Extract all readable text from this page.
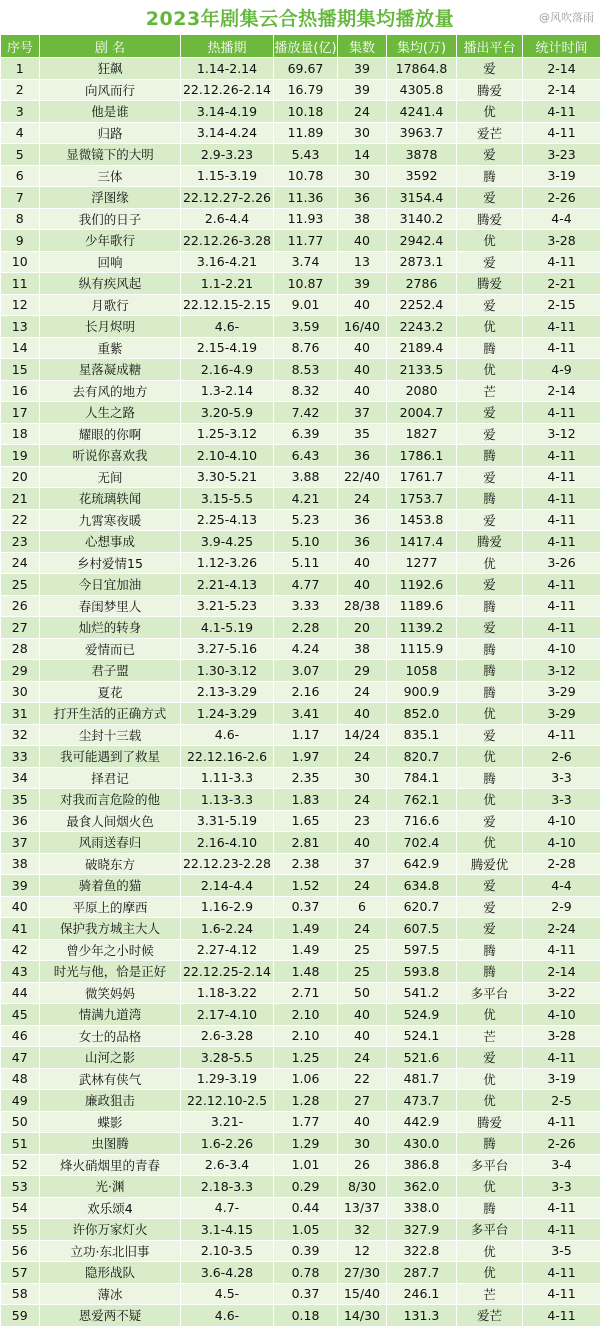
2023年剧集云合热播期集均播放量	@风吹落雨
序号	剧 名	热播期	播放量(亿)	集数	集均(万)	播出平台	统计时间
1	狂飙	1.14-2.14	69.67	39	17864.8	爱	2-14
2	向风而行	22.12.26-2.14	16.79	39	4305.8	腾爱	2-14
3	他是谁	3.14-4.19	10.18	24	4241.4	优	4-11
4	归路	3.14-4.24	11.89	30	3963.7	爱芒	4-11
5	显微镜下的大明	2.9-3.23	5.43	14	3878	爱	3-23
6	三体	1.15-3.19	10.78	30	3592	腾	3-19
7	浮图缘	22.12.27-2.26	11.36	36	3154.4	爱	2-26
8	我们的日子	2.6-4.4	11.93	38	3140.2	腾爱	4-4
9	少年歌行	22.12.26-3.28	11.77	40	2942.4	优	3-28
10	回响	3.16-4.21	3.74	13	2873.1	爱	4-11
11	纵有疾风起	1.1-2.21	10.87	39	2786	腾爱	2-21
12	月歌行	22.12.15-2.15	9.01	40	2252.4	爱	2-15
13	长月烬明	4.6-	3.59	16/40	2243.2	优	4-11
14	重紫	2.15-4.19	8.76	40	2189.4	腾	4-11
15	星落凝成糖	2.16-4.9	8.53	40	2133.5	优	4-9
16	去有风的地方	1.3-2.14	8.32	40	2080	芒	2-14
17	人生之路	3.20-5.9	7.42	37	2004.7	爱	4-11
18	耀眼的你啊	1.25-3.12	6.39	35	1827	爱	3-12
19	听说你喜欢我	2.10-4.10	6.43	36	1786.1	腾	4-11
20	无间	3.30-5.21	3.88	22/40	1761.7	爱	4-11
21	花琉璃轶闻	3.15-5.5	4.21	24	1753.7	腾	4-11
22	九霄寒夜暖	2.25-4.13	5.23	36	1453.8	爱	4-11
23	心想事成	3.9-4.25	5.10	36	1417.4	腾爱	4-11
24	乡村爱情15	1.12-3.26	5.11	40	1277	优	3-26
25	今日宜加油	2.21-4.13	4.77	40	1192.6	爱	4-11
26	春闺梦里人	3.21-5.23	3.33	28/38	1189.6	腾	4-11
27	灿烂的转身	4.1-5.19	2.28	20	1139.2	爱	4-11
28	爱情而已	3.27-5.16	4.24	38	1115.9	腾	4-10
29	君子盟	1.30-3.12	3.07	29	1058	腾	3-12
30	夏花	2.13-3.29	2.16	24	900.9	腾	3-29
31	打开生活的正确方式	1.24-3.29	3.41	40	852.0	优	3-29
32	尘封十三载	4.6-	1.17	14/24	835.1	爱	4-11
33	我可能遇到了救星	22.12.16-2.6	1.97	24	820.7	优	2-6
34	择君记	1.11-3.3	2.35	30	784.1	腾	3-3
35	对我而言危险的他	1.13-3.3	1.83	24	762.1	优	3-3
36	最食人间烟火色	3.31-5.19	1.65	23	716.6	爱	4-10
37	风雨送春归	2.16-4.10	2.81	40	702.4	优	4-10
38	破晓东方	22.12.23-2.28	2.38	37	642.9	腾爱优	2-28
39	骑着鱼的猫	2.14-4.4	1.52	24	634.8	爱	4-4
40	平原上的摩西	1.16-2.9	0.37	6	620.7	爱	2-9
41	保护我方城主大人	1.6-2.24	1.49	24	607.5	爱	2-24
42	曾少年之小时候	2.27-4.12	1.49	25	597.5	腾	4-11
43	时光与他，恰是正好	22.12.25-2.14	1.48	25	593.8	腾	2-14
44	微笑妈妈	1.18-3.22	2.71	50	541.2	多平台	3-22
45	情满九道湾	2.17-4.10	2.10	40	524.9	优	4-10
46	女士的品格	2.6-3.28	2.10	40	524.1	芒	3-28
47	山河之影	3.28-5.5	1.25	24	521.6	爱	4-11
48	武林有侠气	1.29-3.19	1.06	22	481.7	优	3-19
49	廉政狙击	22.12.10-2.5	1.28	27	473.7	优	2-5
50	蝶影	3.21-	1.77	40	442.9	腾爱	4-11
51	虫图腾	1.6-2.26	1.29	30	430.0	腾	2-26
52	烽火硝烟里的青春	2.6-3.4	1.01	26	386.8	多平台	3-4
53	光·渊	2.18-3.3	0.29	8/30	362.0	优	3-3
54	欢乐颂4	4.7-	0.44	13/37	338.0	腾	4-11
55	许你万家灯火	3.1-4.15	1.05	32	327.9	多平台	4-11
56	立功·东北旧事	2.10-3.5	0.39	12	322.8	优	3-5
57	隐形战队	3.6-4.28	0.78	27/30	287.7	优	4-11
58	薄冰	4.5-	0.37	15/40	246.1	芒	4-11
59	恩爱两不疑	4.6-	0.18	14/30	131.3	爱芒	4-11
